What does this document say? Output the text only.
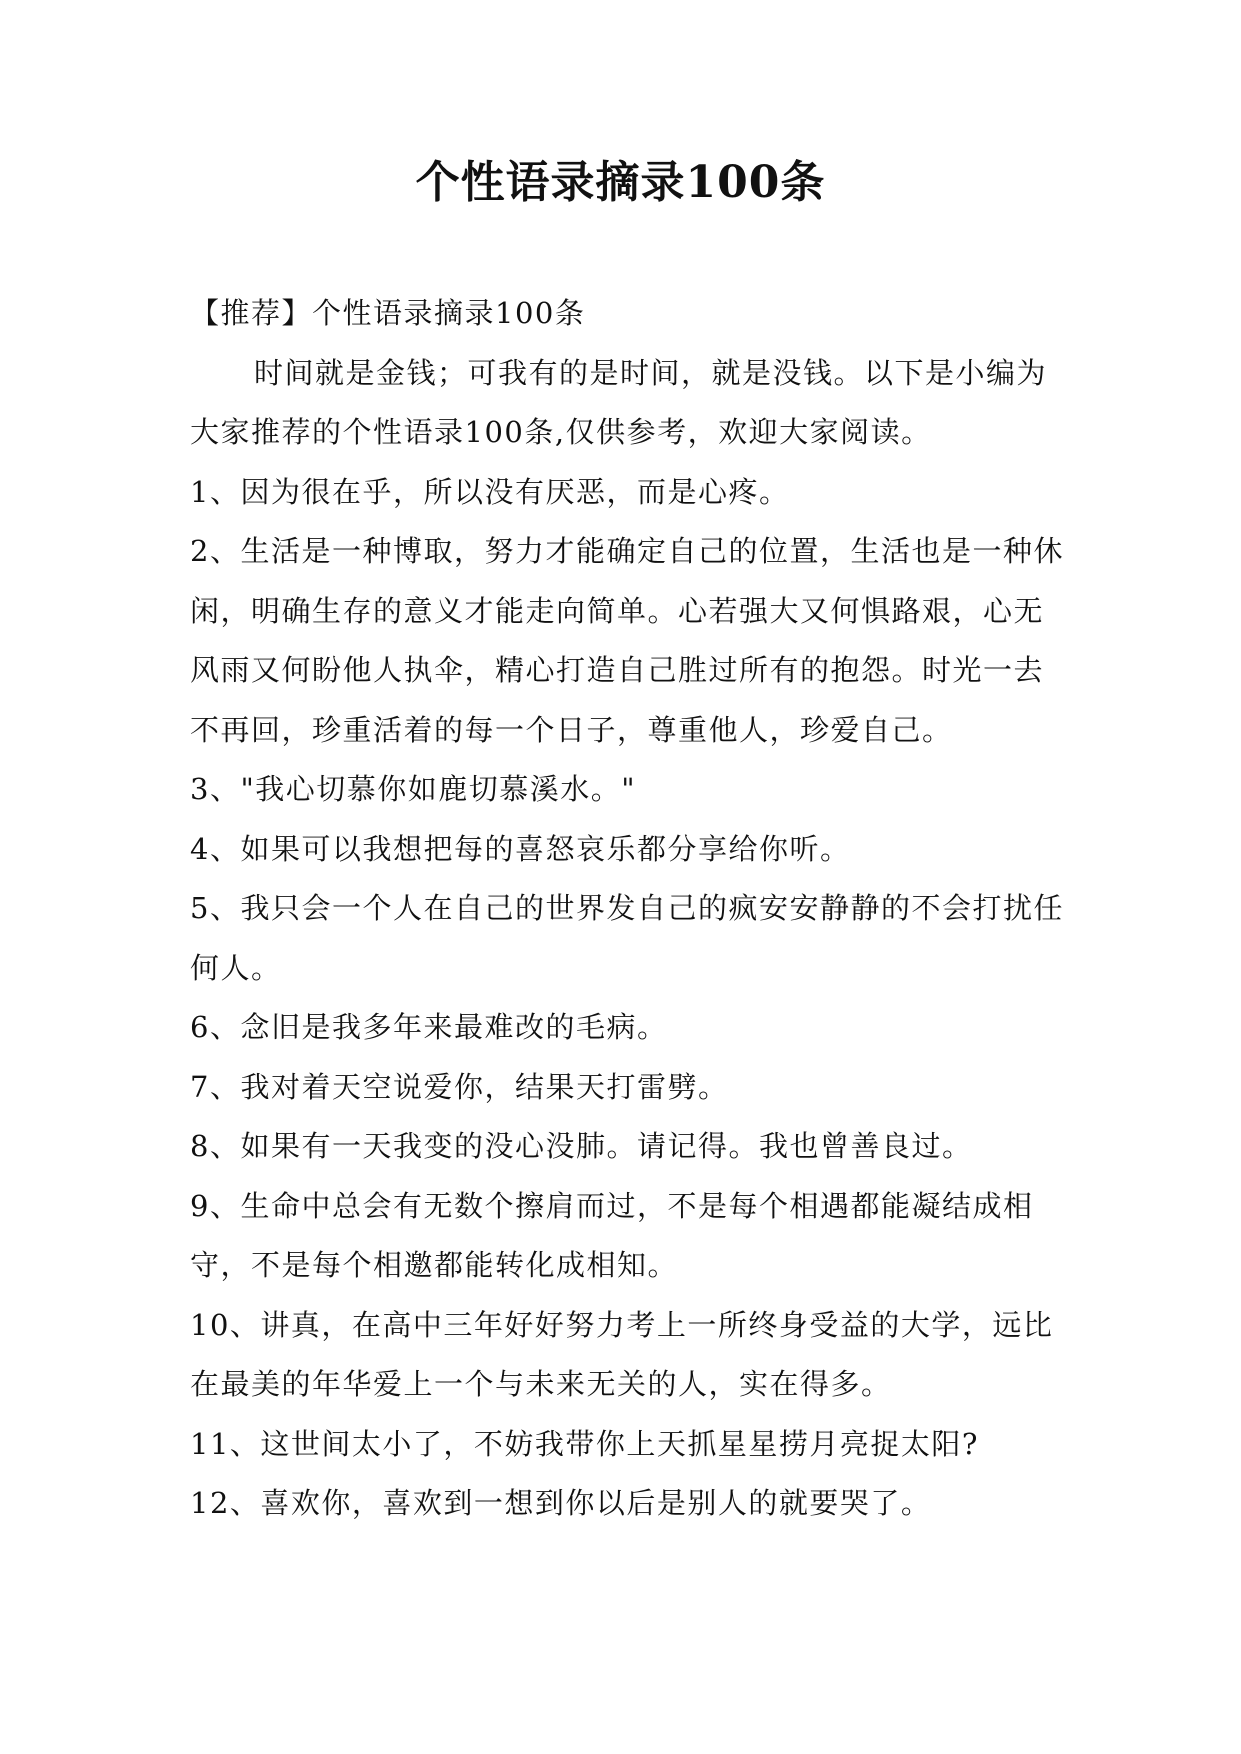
个性语录摘录100条

【推荐】个性语录摘录100条

时间就是金钱；可我有的是时间，就是没钱。以下是小编为大家推荐的个性语录100条,仅供参考，欢迎大家阅读。

1、因为很在乎，所以没有厌恶，而是心疼。

2、生活是一种博取，努力才能确定自己的位置，生活也是一种休闲，明确生存的意义才能走向简单。心若强大又何惧路艰，心无风雨又何盼他人执伞，精心打造自己胜过所有的抱怨。时光一去不再回，珍重活着的每一个日子，尊重他人，珍爱自己。

3、"我心切慕你如鹿切慕溪水。"

4、如果可以我想把每的喜怒哀乐都分享给你听。

5、我只会一个人在自己的世界发自己的疯安安静静的不会打扰任何人。

6、念旧是我多年来最难改的毛病。

7、我对着天空说爱你，结果天打雷劈。

8、如果有一天我变的没心没肺。请记得。我也曾善良过。

9、生命中总会有无数个擦肩而过，不是每个相遇都能凝结成相守，不是每个相邀都能转化成相知。

10、讲真，在高中三年好好努力考上一所终身受益的大学，远比在最美的年华爱上一个与未来无关的人，实在得多。

11、这世间太小了，不妨我带你上天抓星星捞月亮捉太阳?

12、喜欢你，喜欢到一想到你以后是别人的就要哭了。
